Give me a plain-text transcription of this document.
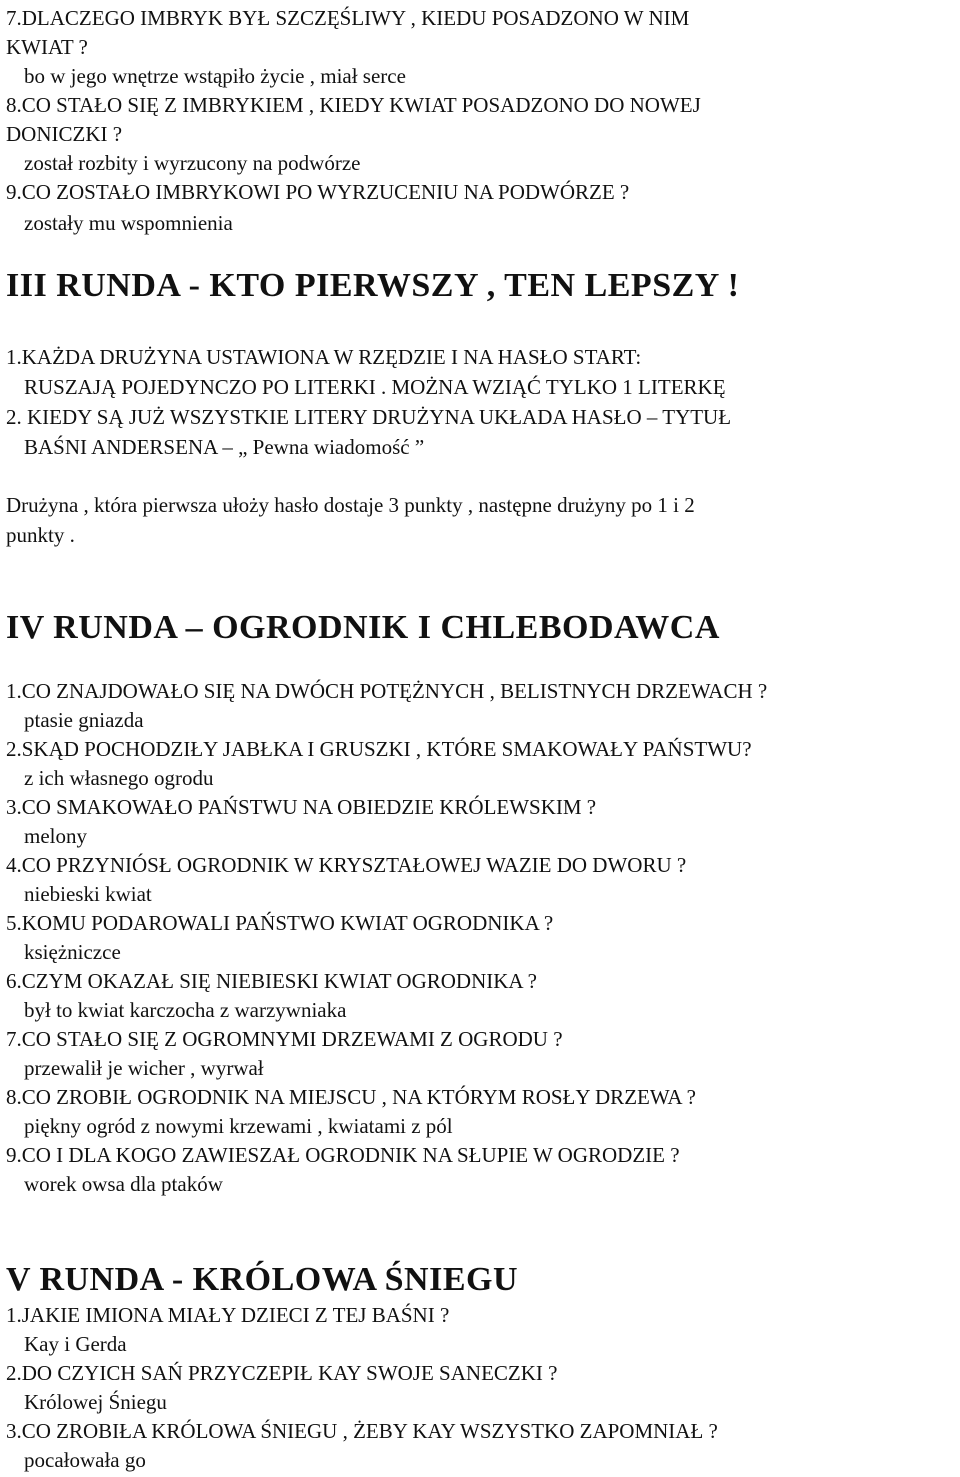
7.DLACZEGO IMBRYK BYŁ SZCZĘŚLIWY , KIEDU POSADZONO W NIM
KWIAT ?
bo w jego wnętrze wstąpiło życie , miał serce
8.CO STAŁO SIĘ Z IMBRYKIEM , KIEDY KWIAT POSADZONO DO NOWEJ
DONICZKI ?
został rozbity i wyrzucony na podwórze
9.CO ZOSTAŁO IMBRYKOWI PO WYRZUCENIU NA PODWÓRZE ?
zostały mu wspomnienia
III RUNDA - KTO PIERWSZY , TEN LEPSZY !
1.KAŻDA DRUŻYNA USTAWIONA W RZĘDZIE I NA HASŁO START:
RUSZAJĄ POJEDYNCZO PO LITERKI . MOŻNA WZIĄĆ TYLKO 1 LITERKĘ
2. KIEDY SĄ JUŻ WSZYSTKIE LITERY DRUŻYNA UKŁADA HASŁO – TYTUŁ
BAŚNI ANDERSENA – „ Pewna wiadomość ”
Drużyna , która pierwsza ułoży hasło dostaje 3 punkty , następne drużyny po 1 i 2
punkty .
IV RUNDA – OGRODNIK I CHLEBODAWCA
1.CO ZNAJDOWAŁO SIĘ NA DWÓCH POTĘŻNYCH , BELISTNYCH DRZEWACH ?
ptasie gniazda
2.SKĄD POCHODZIŁY JABŁKA I GRUSZKI , KTÓRE SMAKOWAŁY PAŃSTWU?
z ich własnego ogrodu
3.CO SMAKOWAŁO PAŃSTWU NA OBIEDZIE KRÓLEWSKIM ?
melony
4.CO PRZYNIÓSŁ OGRODNIK W KRYSZTAŁOWEJ WAZIE DO DWORU ?
niebieski kwiat
5.KOMU PODAROWALI PAŃSTWO KWIAT OGRODNIKA ?
księżniczce
6.CZYM OKAZAŁ SIĘ NIEBIESKI KWIAT OGRODNIKA ?
był to kwiat karczocha z warzywniaka
7.CO STAŁO SIĘ Z OGROMNYMI DRZEWAMI Z OGRODU ?
przewalił je wicher , wyrwał
8.CO ZROBIŁ OGRODNIK NA MIEJSCU , NA KTÓRYM ROSŁY DRZEWA ?
piękny ogród z nowymi krzewami , kwiatami z pól
9.CO I DLA KOGO ZAWIESZAŁ OGRODNIK NA SŁUPIE W OGRODZIE ?
worek owsa dla ptaków
V RUNDA - KRÓLOWA ŚNIEGU
1.JAKIE IMIONA MIAŁY DZIECI Z TEJ BAŚNI ?
Kay i Gerda
2.DO CZYICH SAŃ PRZYCZEPIŁ KAY SWOJE SANECZKI ?
Królowej Śniegu
3.CO ZROBIŁA KRÓLOWA ŚNIEGU , ŻEBY KAY WSZYSTKO ZAPOMNIAŁ ?
pocałowała go
